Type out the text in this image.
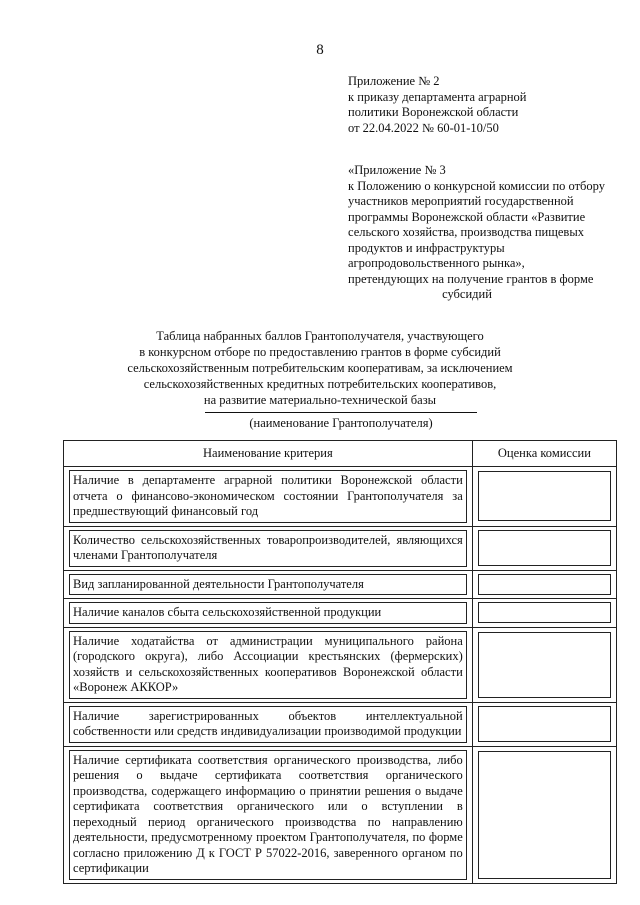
8
Приложение № 2
к приказу департамента аграрной
политики Воронежской области
от 22.04.2022 № 60-01-10/50
«Приложение № 3
к Положению о конкурсной комиссии по отбору
участников мероприятий государственной
программы Воронежской области «Развитие
сельского хозяйства, производства пищевых
продуктов и инфраструктуры
агропродовольственного рынка»,
претендующих на получение грантов в форме
субсидий
Таблица набранных баллов Грантополучателя, участвующего
в конкурсном отборе по предоставлению грантов в форме субсидий
сельскохозяйственным потребительским кооперативам, за исключением
сельскохозяйственных кредитных потребительских кооперативов,
на развитие материально-технической базы
(наименование Грантополучателя)
Наименование критерия	Оценка комиссии

Наличие в департаменте аграрной политики Воронежской области отчета о финансово-экономическом состоянии Грантополучателя за предшествующий финансовый год	

Количество сельскохозяйственных товаропроизводителей, являющихся членами Грантополучателя	

Вид запланированной деятельности Грантополучателя	

Наличие каналов сбыта сельскохозяйственной продукции	

Наличие ходатайства от администрации муниципального района (городского округа), либо Ассоциации крестьянских (фермерских) хозяйств и сельскохозяйственных кооперативов Воронежской области «Воронеж АККОР»	

Наличие зарегистрированных объектов интеллектуальной собственности или средств индивидуализации производимой продукции	

Наличие сертификата соответствия органического производства, либо решения о выдаче сертификата соответствия органического производства, содержащего информацию о принятии решения о выдаче сертификата соответствия органического или о вступлении в переходный период органического производства по направлению деятельности, предусмотренному проектом Грантополучателя, по форме согласно приложению Д к ГОСТ Р 57022-2016, заверенного органом по сертификации	
